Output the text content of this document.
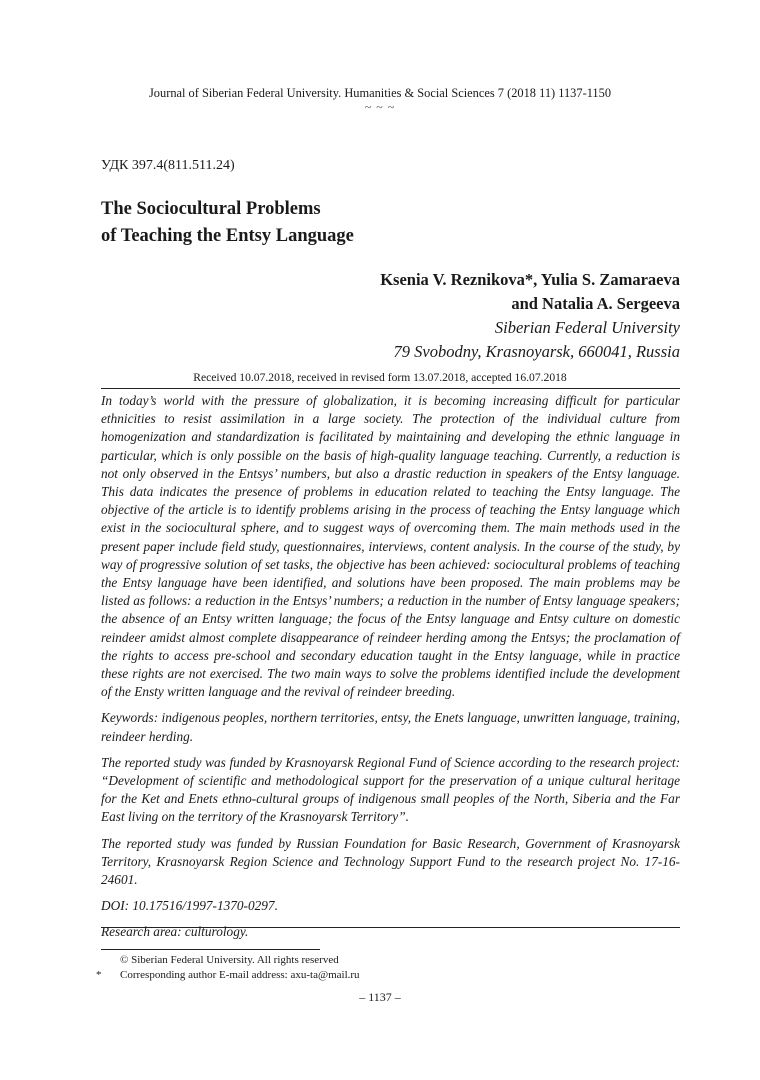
Journal of Siberian Federal University. Humanities & Social Sciences 7 (2018 11) 1137-1150
~ ~ ~
УДК 397.4(811.511.24)
The Sociocultural Problems
of Teaching the Entsy Language
Ksenia V. Reznikova*, Yulia S. Zamaraeva
and Natalia A. Sergeeva
Siberian Federal University
79 Svobodny, Krasnoyarsk, 660041, Russia
Received 10.07.2018, received in revised form 13.07.2018, accepted 16.07.2018

In today’s world with the pressure of globalization, it is becoming increasing difficult for particular ethnicities to resist assimilation in a large society. The protection of the individual culture from homogenization and standardization is facilitated by maintaining and developing the ethnic language in particular, which is only possible on the basis of high-quality language teaching. Currently, a reduction is not only observed in the Entsys’ numbers, but also a drastic reduction in speakers of the Entsy language. This data indicates the presence of problems in education related to teaching the Entsy language. The objective of the article is to identify problems arising in the process of teaching the Entsy language which exist in the sociocultural sphere, and to suggest ways of overcoming them. The main methods used in the present paper include field study, questionnaires, interviews, content analysis. In the course of the study, by way of progressive solution of set tasks, the objective has been achieved: sociocultural problems of teaching the Entsy language have been identified, and solutions have been proposed. The main problems may be listed as follows: a reduction in the Entsys’ numbers; a reduction in the number of Entsy language speakers; the absence of an Entsy written language; the focus of the Entsy language and Entsy culture on domestic reindeer amidst almost complete disappearance of reindeer herding among the Entsys; the proclamation of the rights to access pre-school and secondary education taught in the Entsy language, while in practice these rights are not exercised. The two main ways to solve the problems identified include the development of the Ensty written language and the revival of reindeer breeding.

Keywords: indigenous peoples, northern territories, entsy, the Enets language, unwritten language, training, reindeer herding.

The reported study was funded by Krasnoyarsk Regional Fund of Science according to the research project: “Development of scientific and methodological support for the preservation of a unique cultural heritage for the Ket and Enets ethno-cultural groups of indigenous small peoples of the North, Siberia and the Far East living on the territory of the Krasnoyarsk Territory”.

The reported study was funded by Russian Foundation for Basic Research, Government of Krasnoyarsk Territory, Krasnoyarsk Region Science and Technology Support Fund to the research project No. 17-16-24601.

DOI: 10.17516/1997-1370-0297.

Research area: culturology.

© Siberian Federal University. All rights reserved
* Corresponding author E-mail address: axu-ta@mail.ru
– 1137 –
